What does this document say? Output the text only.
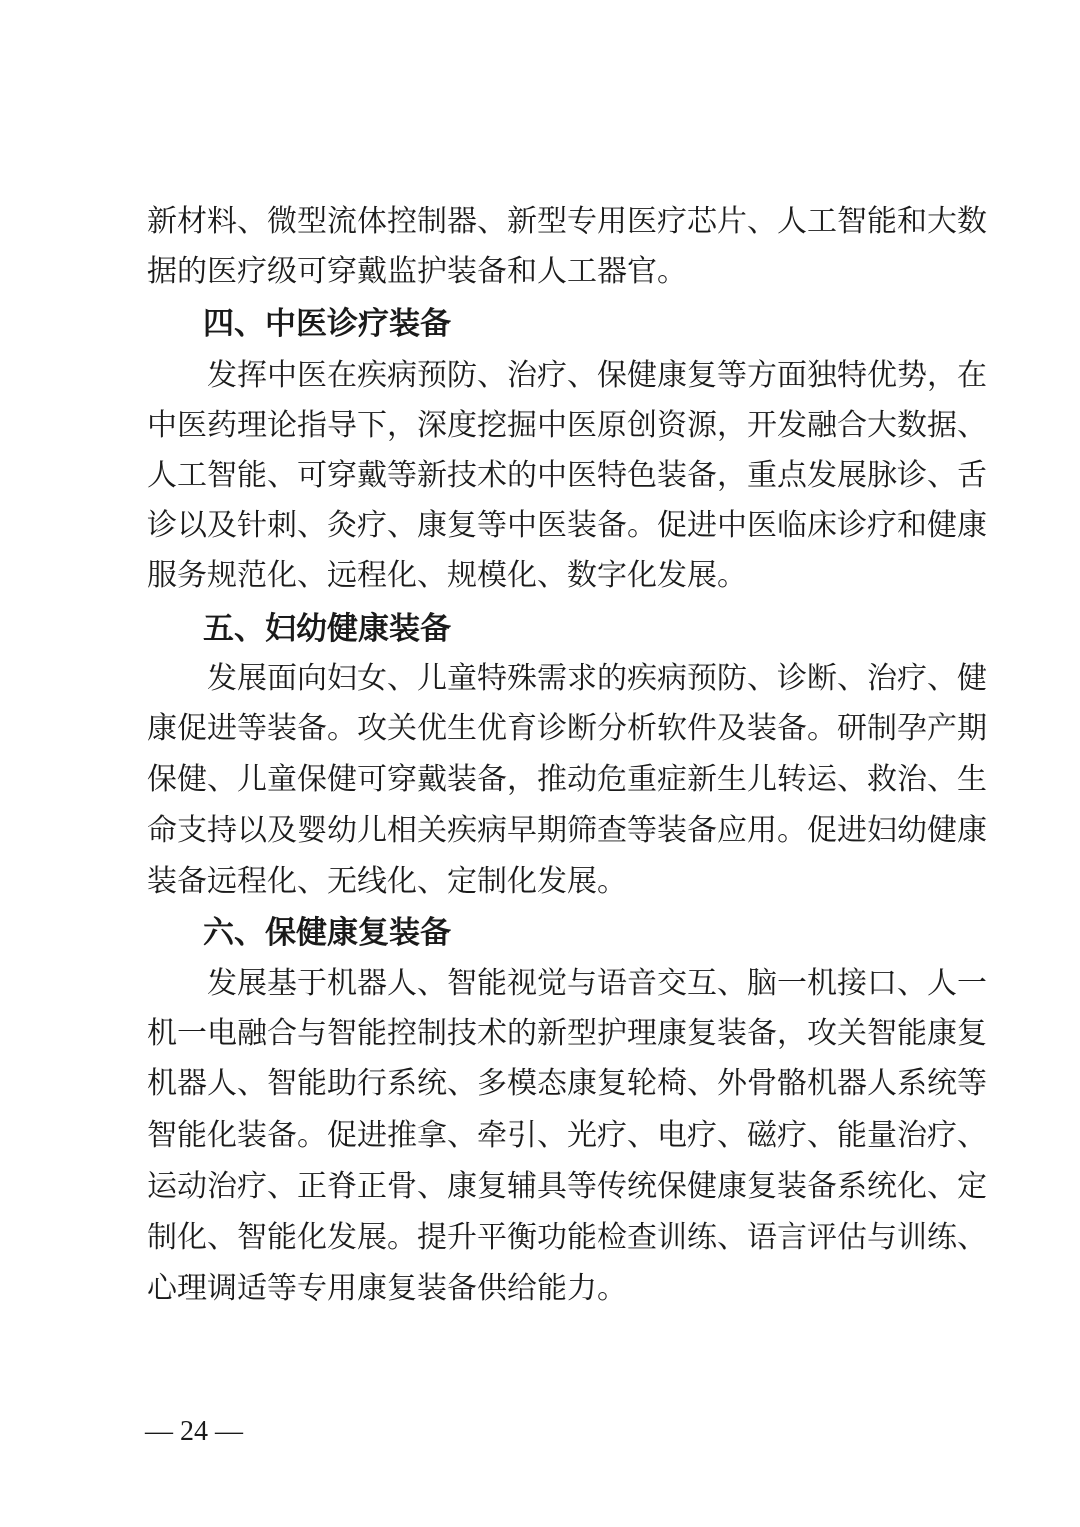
新材料、微型流体控制器、新型专用医疗芯片、人工智能和大数
据的医疗级可穿戴监护装备和人工器官。
四、中医诊疗装备
发挥中医在疾病预防、治疗、保健康复等方面独特优势，在
中医药理论指导下，深度挖掘中医原创资源，开发融合大数据、
人工智能、可穿戴等新技术的中医特色装备，重点发展脉诊、舌
诊以及针刺、灸疗、康复等中医装备。促进中医临床诊疗和健康
服务规范化、远程化、规模化、数字化发展。
五、妇幼健康装备
发展面向妇女、儿童特殊需求的疾病预防、诊断、治疗、健
康促进等装备。攻关优生优育诊断分析软件及装备。研制孕产期
保健、儿童保健可穿戴装备，推动危重症新生儿转运、救治、生
命支持以及婴幼儿相关疾病早期筛查等装备应用。促进妇幼健康
装备远程化、无线化、定制化发展。
六、保健康复装备
发展基于机器人、智能视觉与语音交互、脑一机接口、人一
机一电融合与智能控制技术的新型护理康复装备，攻关智能康复
机器人、智能助行系统、多模态康复轮椅、外骨骼机器人系统等
智能化装备。促进推拿、牵引、光疗、电疗、磁疗、能量治疗、
运动治疗、正脊正骨、康复辅具等传统保健康复装备系统化、定
制化、智能化发展。提升平衡功能检查训练、语言评估与训练、
心理调适等专用康复装备供给能力。
— 24 —
